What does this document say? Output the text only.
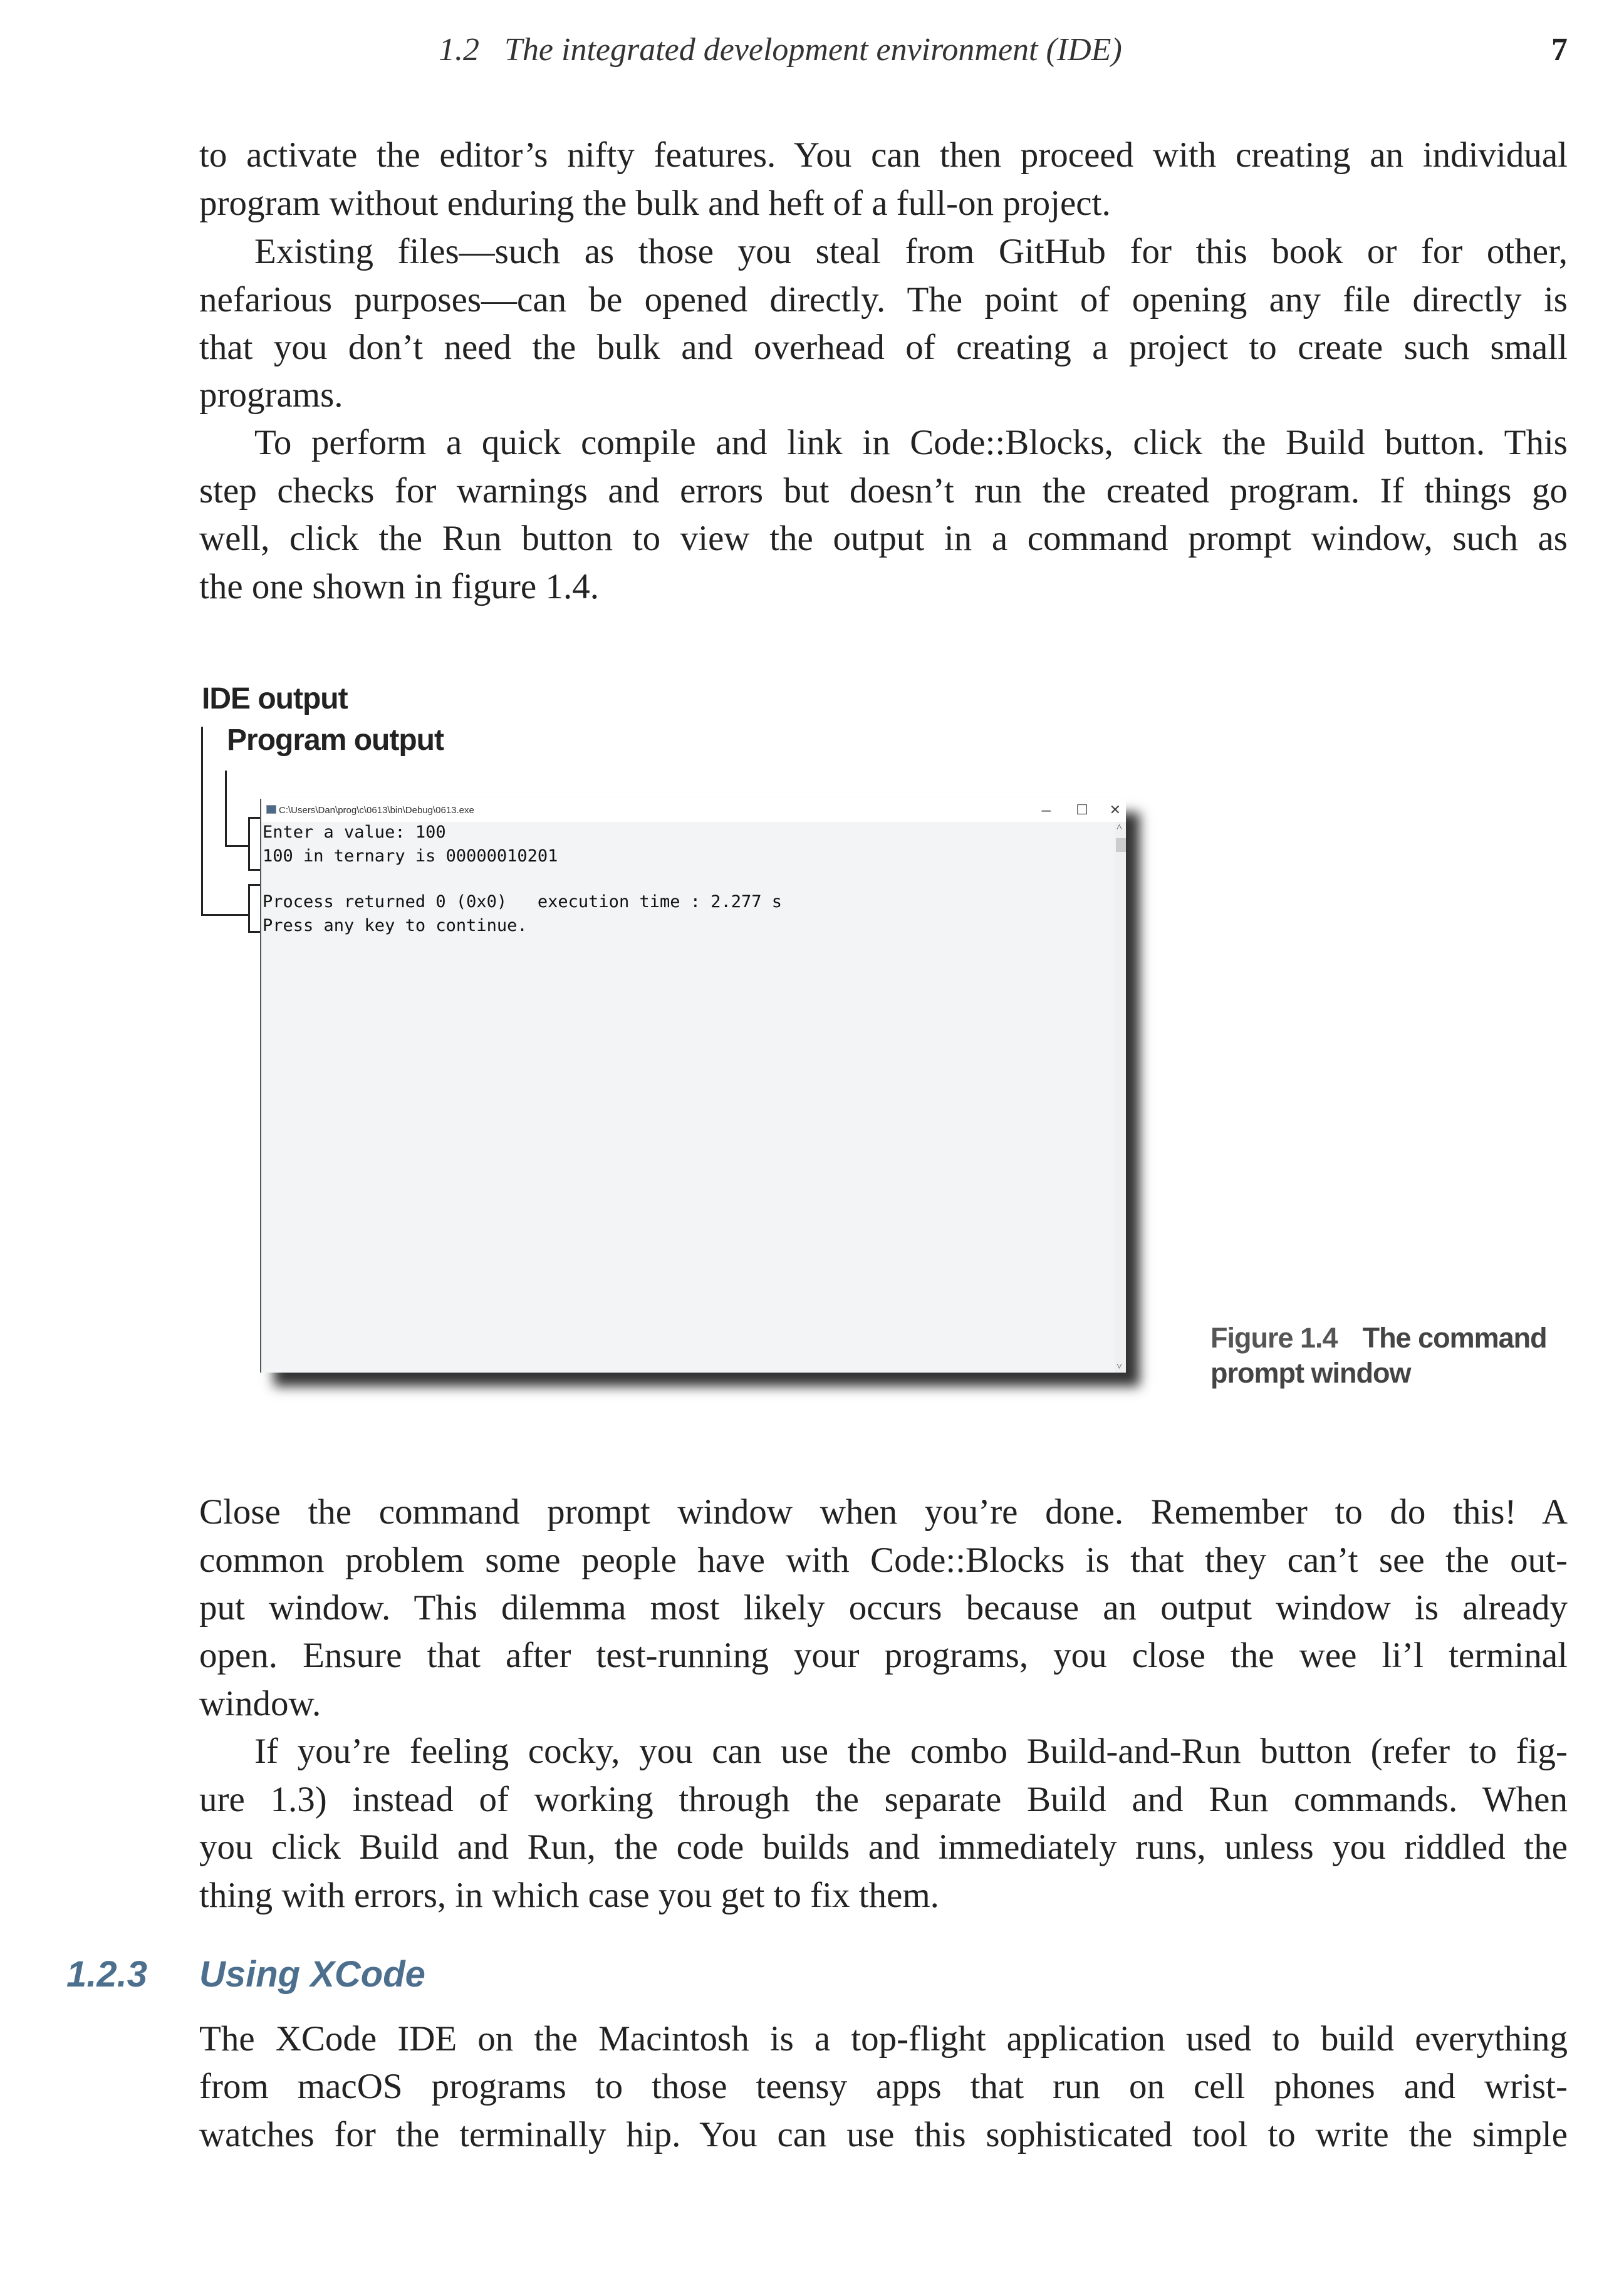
1.2 The integrated development environment (IDE)	7
to activate the editor’s nifty features. You can then proceed with creating an individual
program without enduring the bulk and heft of a full-on project.
Existing files—such as those you steal from GitHub for this book or for other,
nefarious purposes—can be opened directly. The point of opening any file directly is
that you don’t need the bulk and overhead of creating a project to create such small
programs.
To perform a quick compile and link in Code::Blocks, click the Build button. This
step checks for warnings and errors but doesn’t run the created program. If things go
well, click the Run button to view the output in a command prompt window, such as
the one shown in figure 1.4.
IDE output
Program output
C:\Users\Dan\prog\c\0613\bin\Debug\0613.exe	– ☐ ✕
Enter a value: 100
100 in ternary is 00000010201
Process returned 0 (0x0)   execution time : 2.277 s
Press any key to continue.
˄
˅
Figure 1.4 The command
prompt window
Close the command prompt window when you’re done. Remember to do this! A
common problem some people have with Code::Blocks is that they can’t see the out-
put window. This dilemma most likely occurs because an output window is already
open. Ensure that after test-running your programs, you close the wee li’l terminal
window.
If you’re feeling cocky, you can use the combo Build-and-Run button (refer to fig-
ure 1.3) instead of working through the separate Build and Run commands. When
you click Build and Run, the code builds and immediately runs, unless you riddled the
thing with errors, in which case you get to fix them.
1.2.3 Using XCode
The XCode IDE on the Macintosh is a top-flight application used to build everything
from macOS programs to those teensy apps that run on cell phones and wrist-
watches for the terminally hip. You can use this sophisticated tool to write the simple
